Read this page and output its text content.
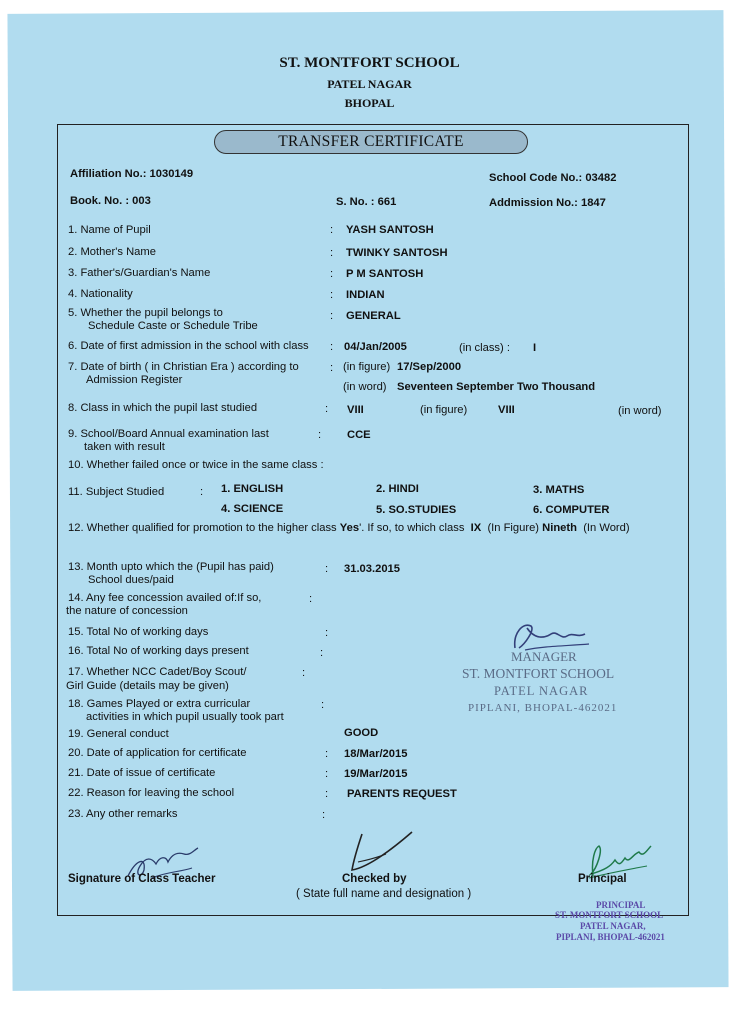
ST. MONTFORT SCHOOL
PATEL NAGAR
BHOPAL
TRANSFER CERTIFICATE
Affiliation No.: 1030149	School Code No.: 03482
Book. No. : 003	S. No. : 661	Addmission No.: 1847
1. Name of Pupil	: YASH SANTOSH
2. Mother's Name	: TWINKY SANTOSH
3. Father's/Guardian's Name	: P M SANTOSH
4. Nationality	: INDIAN
5. Whether the pupil belongs to
Schedule Caste or Schedule Tribe
: GENERAL
6. Date of first admission in the school with class : 04/Jan/2005	(in class) : I
7. Date of birth ( in Christian Era ) according to
Admission Register
: (in figure) 17/Sep/2000
(in word) Seventeen September Two Thousand
8. Class in which the pupil last studied	: VIII	(in figure)	VIII	(in word)
9. School/Board Annual examination last
taken with result
: CCE
10. Whether failed once or twice in the same class :
11. Subject Studied	: 1. ENGLISH	2. HINDI	3. MATHS
4. SCIENCE	5. SO.STUDIES	6. COMPUTER
12. Whether qualified for promotion to the higher class Yes'. If so, to which class IX (In Figure) Nineth (In Word)
13. Month upto which the (Pupil has paid)
School dues/paid
: 31.03.2015
14. Any fee concession availed of:If so,
the nature of concession
:
15. Total No of working days	:
16. Total No of working days present	:
17. Whether NCC Cadet/Boy Scout/
Girl Guide (details may be given)
:
18. Games Played or extra curricular
activities in which pupil usually took part
:
19. General conduct	GOOD
20. Date of application for certificate	: 18/Mar/2015
21. Date of issue of certificate	: 19/Mar/2015
22. Reason for leaving the school	: PARENTS REQUEST
23. Any other remarks	:
MANAGER
ST. MONTFORT SCHOOL
PATEL NAGAR
PIPLANI, BHOPAL-462021
Signature of Class Teacher	Checked by
( State full name and designation )
Principal
PRINCIPAL
ST. MONTFORT SCHOOL
PATEL NAGAR,
PIPLANI, BHOPAL-462021
